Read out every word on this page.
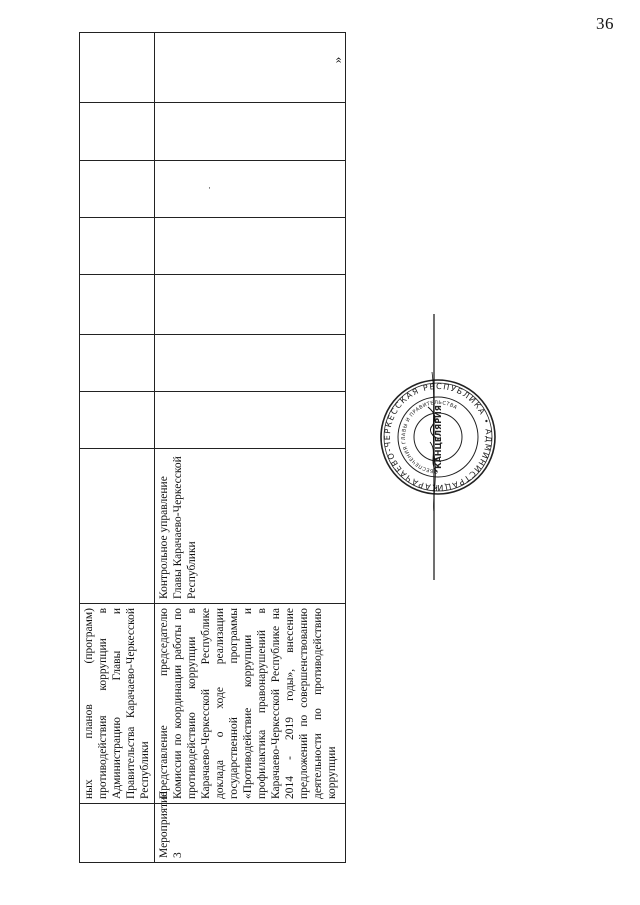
36
	ных планов (программ) противодействия коррупции в Администрацию Главы и Правительства Карачаево-Черкесской Республики								
Мероприятие 3	Представление председателю Комиссии по координации работы по противодействию коррупции в Карачаево-Черкесской Республике доклада о ходе реализации государственной программы «Противодействие коррупции и профилактика правонарушений в Карачаево-Черкесской Республике на 2014 - 2019 годы», внесение предложений по совершенствованию деятельности по противодействию коррупции	Контрольное управление Главы Карачаево-Черкесской Республики							
»
·
КАРАЧАЕВО-ЧЕРКЕССКАЯ РЕСПУБЛИКА • АДМИНИСТРАЦИ
ОБЕСПЕЧЕНИЯ ГЛАВЫ И ПРАВИТЕЛЬСТВА
КАНЦЕЛЯРИЯ
